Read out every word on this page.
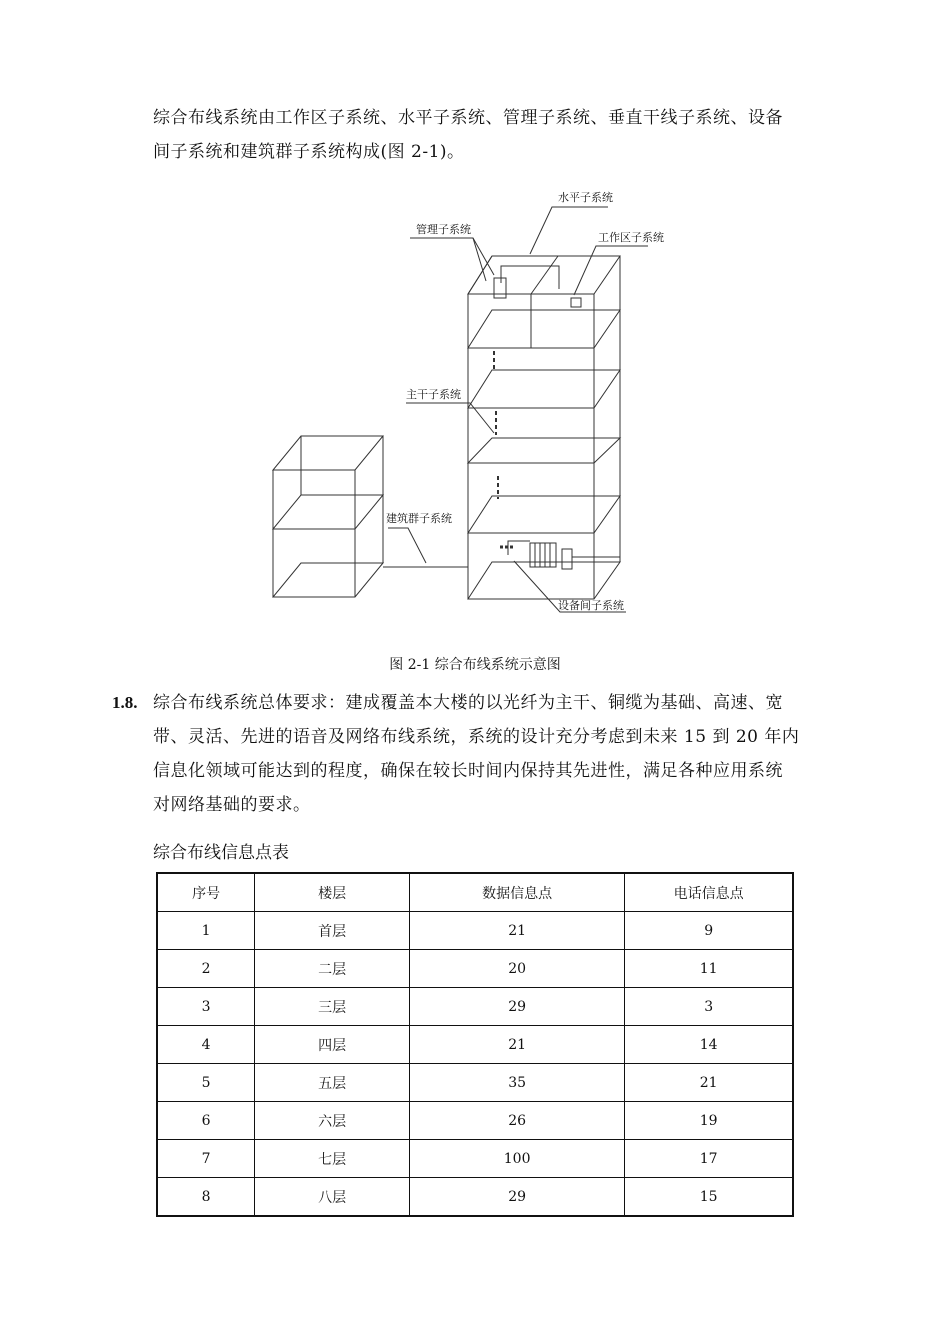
综合布线系统由工作区子系统、水平子系统、管理子系统、垂直干线子系统、设备
间子系统和建筑群子系统构成(图 2-1)。
水平子系统
管理子系统
工作区子系统
主干子系统
建筑群子系统
设备间子系统
图 2-1 综合布线系统示意图
1.8. 综合布线系统总体要求：建成覆盖本大楼的以光纤为主干、铜缆为基础、高速、宽
带、灵活、先进的语音及网络布线系统，系统的设计充分考虑到未来 15 到 20 年内
信息化领域可能达到的程度，确保在较长时间内保持其先进性，满足各种应用系统
对网络基础的要求。
综合布线信息点表
序号	楼层	数据信息点	电话信息点
1	首层	21	9
2	二层	20	11
3	三层	29	3
4	四层	21	14
5	五层	35	21
6	六层	26	19
7	七层	100	17
8	八层	29	15
